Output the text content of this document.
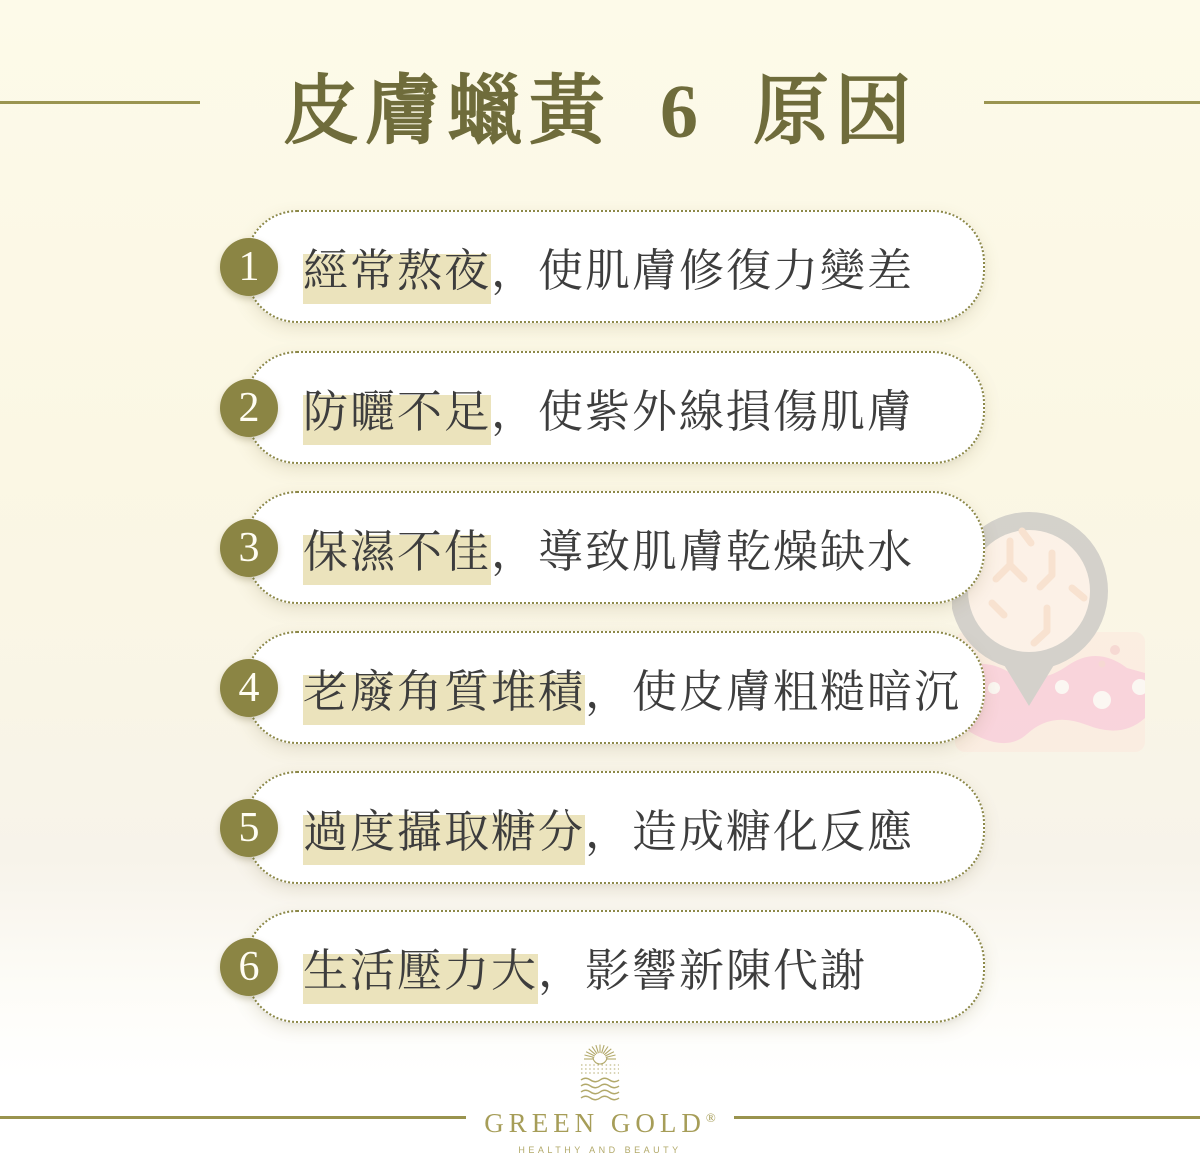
皮膚蠟黃 6 原因
1 經常熬夜，使肌膚修復力變差
2 防曬不足，使紫外線損傷肌膚
3 保濕不佳，導致肌膚乾燥缺水
4 老廢角質堆積，使皮膚粗糙暗沉
5 過度攝取糖分，造成糖化反應
6 生活壓力大，影響新陳代謝
GREEN GOLD®
HEALTHY AND BEAUTY
